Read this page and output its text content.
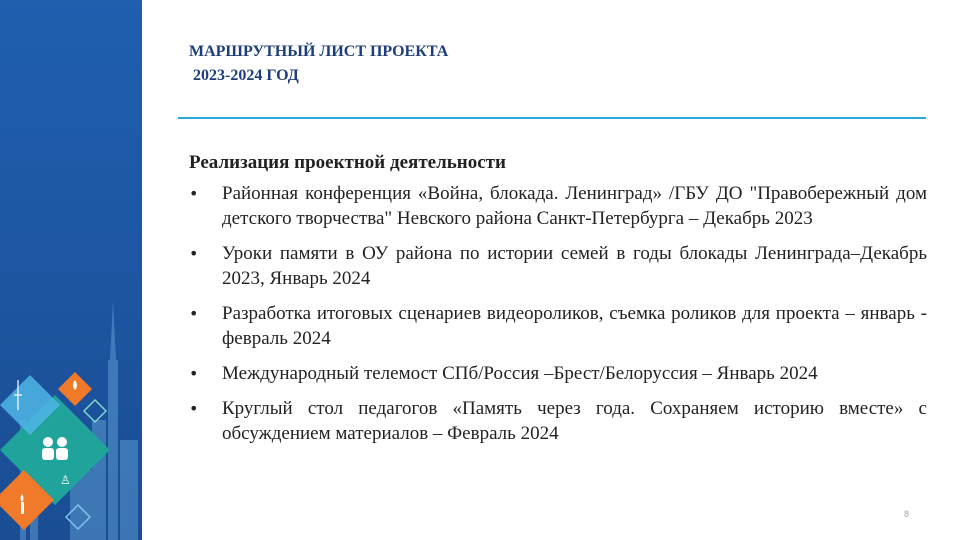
♙
МАРШРУТНЫЙ ЛИСТ ПРОЕКТА
2023-2024 ГОД
Реализация проектной деятельности
•	Районная конференция «Война, блокада. Ленинград» /ГБУ ДО "Правобережный дом детского творчества" Невского района Санкт-Петербурга – Декабрь 2023
•	Уроки памяти в ОУ района по истории семей в годы блокады Ленинграда–Декабрь 2023, Январь 2024
•	Разработка итоговых сценариев видеороликов, съемка роликов для проекта – январь - февраль 2024
•	Международный телемост СПб/Россия –Брест/Белоруссия – Январь 2024
•	Круглый стол педагогов «Память через года. Сохраняем историю вместе» с обсуждением материалов – Февраль 2024
8
